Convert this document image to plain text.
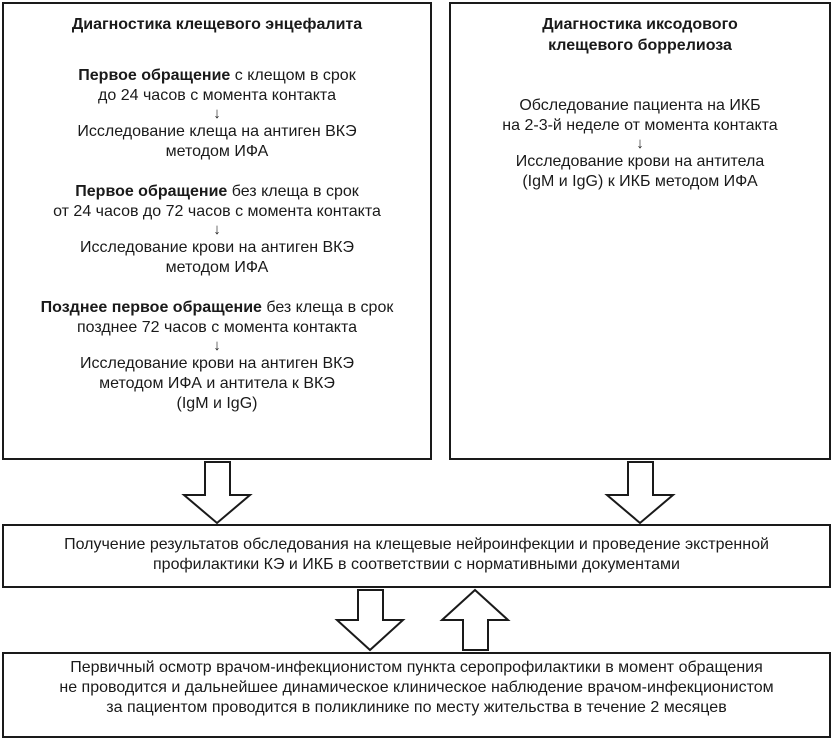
Диагностика клещевого энцефалита
Первое обращение с клещом в срок
до 24 часов с момента контакта
↓
Исследование клеща на антиген ВКЭ
методом ИФА
Первое обращение без клеща в срок
от 24 часов до 72 часов с момента контакта
↓
Исследование крови на антиген ВКЭ
методом ИФА
Позднее первое обращение без клеща в срок
позднее 72 часов с момента контакта
↓
Исследование крови на антиген ВКЭ
методом ИФА и антитела к ВКЭ
(IgM и IgG)
Диагностика иксодового
клещевого боррелиоза
Обследование пациента на ИКБ
на 2-3-й неделе от момента контакта
↓
Исследование крови на антитела
(IgM и IgG) к ИКБ методом ИФА
Получение результатов обследования на клещевые нейроинфекции и проведение экстренной
профилактики КЭ и ИКБ в соответствии с нормативными документами
Первичный осмотр врачом-инфекционистом пункта серопрофилактики в момент обращения
не проводится и дальнейшее динамическое клиническое наблюдение врачом-инфекционистом
за пациентом проводится в поликлинике по месту жительства в течение 2 месяцев
